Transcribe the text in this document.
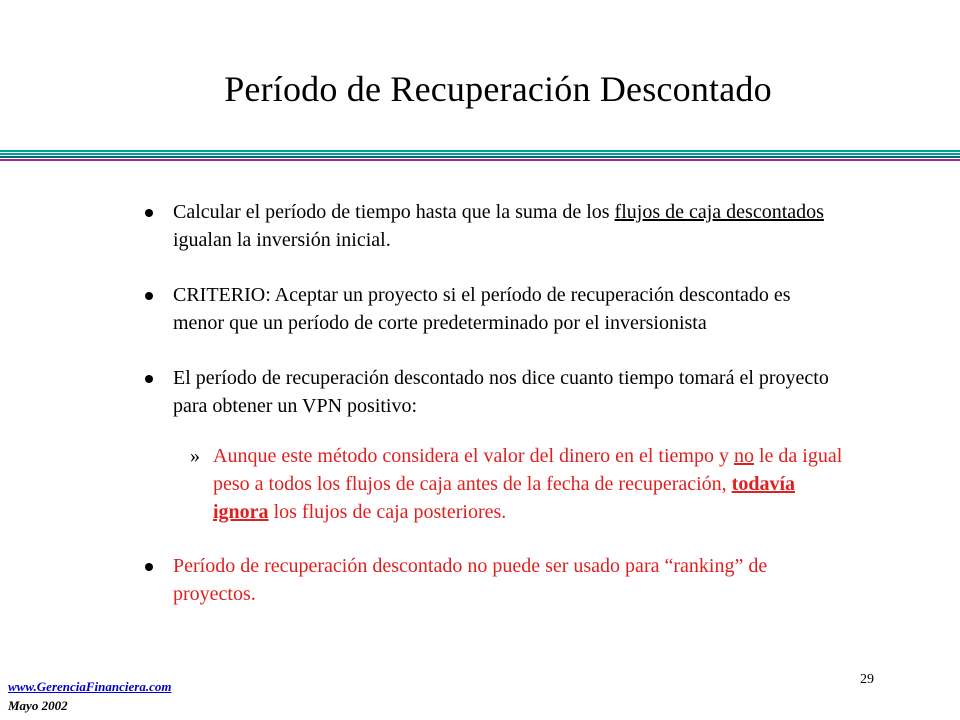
Período de Recuperación Descontado
Calcular el período de tiempo hasta que la suma de los flujos de caja descontados igualan la inversión inicial.
CRITERIO: Aceptar un proyecto si el período de recuperación descontado es menor que un período de corte predeterminado por el inversionista
El período de recuperación descontado nos dice cuanto tiempo tomará el proyecto para obtener un VPN positivo:
» Aunque este método considera el valor del dinero en el tiempo y no le da igual peso a todos los flujos de caja antes de la fecha de recuperación, todavía ignora los flujos de caja posteriores.
Período de recuperación descontado no puede ser usado para “ranking” de proyectos.
www.GerenciaFinanciera.com
Mayo 2002
29
